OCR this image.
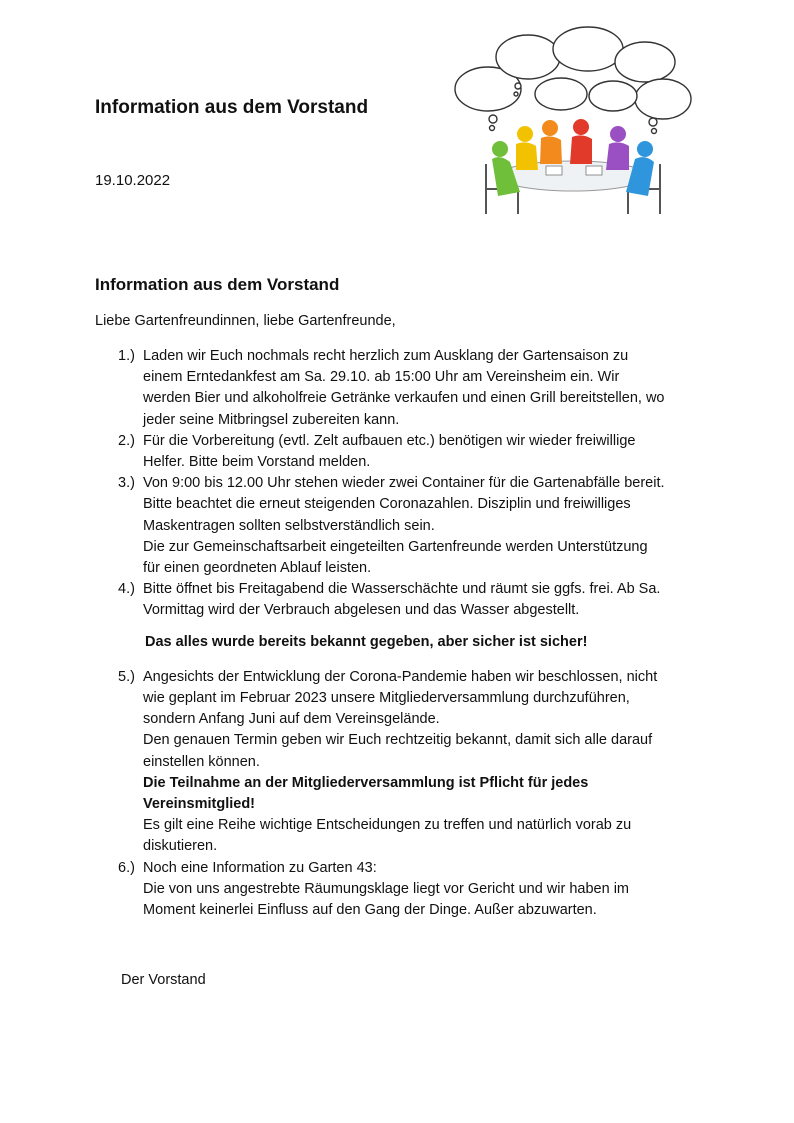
Information aus dem Vorstand
19.10.2022
Information aus dem Vorstand
Liebe Gartenfreundinnen, liebe Gartenfreunde,
1.) Laden wir Euch nochmals recht herzlich zum Ausklang der Gartensaison zu
einem Erntedankfest am Sa. 29.10. ab 15:00 Uhr am Vereinsheim ein. Wir
werden Bier und alkoholfreie Getränke verkaufen und einen Grill bereitstellen, wo
jeder seine Mitbringsel zubereiten kann.
2.) Für die Vorbereitung (evtl. Zelt aufbauen etc.) benötigen wir wieder freiwillige
Helfer. Bitte beim Vorstand melden.
3.) Von 9:00 bis 12.00 Uhr stehen wieder zwei Container für die Gartenabfälle bereit.
Bitte beachtet die erneut steigenden Coronazahlen. Disziplin und freiwilliges
Maskentragen sollten selbstverständlich sein.
Die zur Gemeinschaftsarbeit eingeteilten Gartenfreunde werden Unterstützung
für einen geordneten Ablauf leisten.
4.) Bitte öffnet bis Freitagabend die Wasserschächte und räumt sie ggfs. frei. Ab Sa.
Vormittag wird der Verbrauch abgelesen und das Wasser abgestellt.
Das alles wurde bereits bekannt gegeben, aber sicher ist sicher!
5.) Angesichts der Entwicklung der Corona-Pandemie haben wir beschlossen, nicht
wie geplant im Februar 2023 unsere Mitgliederversammlung durchzuführen,
sondern Anfang Juni auf dem Vereinsgelände.
Den genauen Termin geben wir Euch rechtzeitig bekannt, damit sich alle darauf
einstellen können.
Die Teilnahme an der Mitgliederversammlung ist Pflicht für jedes
Vereinsmitglied!
Es gilt eine Reihe wichtige Entscheidungen zu treffen und natürlich vorab zu
diskutieren.
6.) Noch eine Information zu Garten 43:
Die von uns angestrebte Räumungsklage liegt vor Gericht und wir haben im
Moment keinerlei Einfluss auf den Gang der Dinge. Außer abzuwarten.
Der Vorstand
